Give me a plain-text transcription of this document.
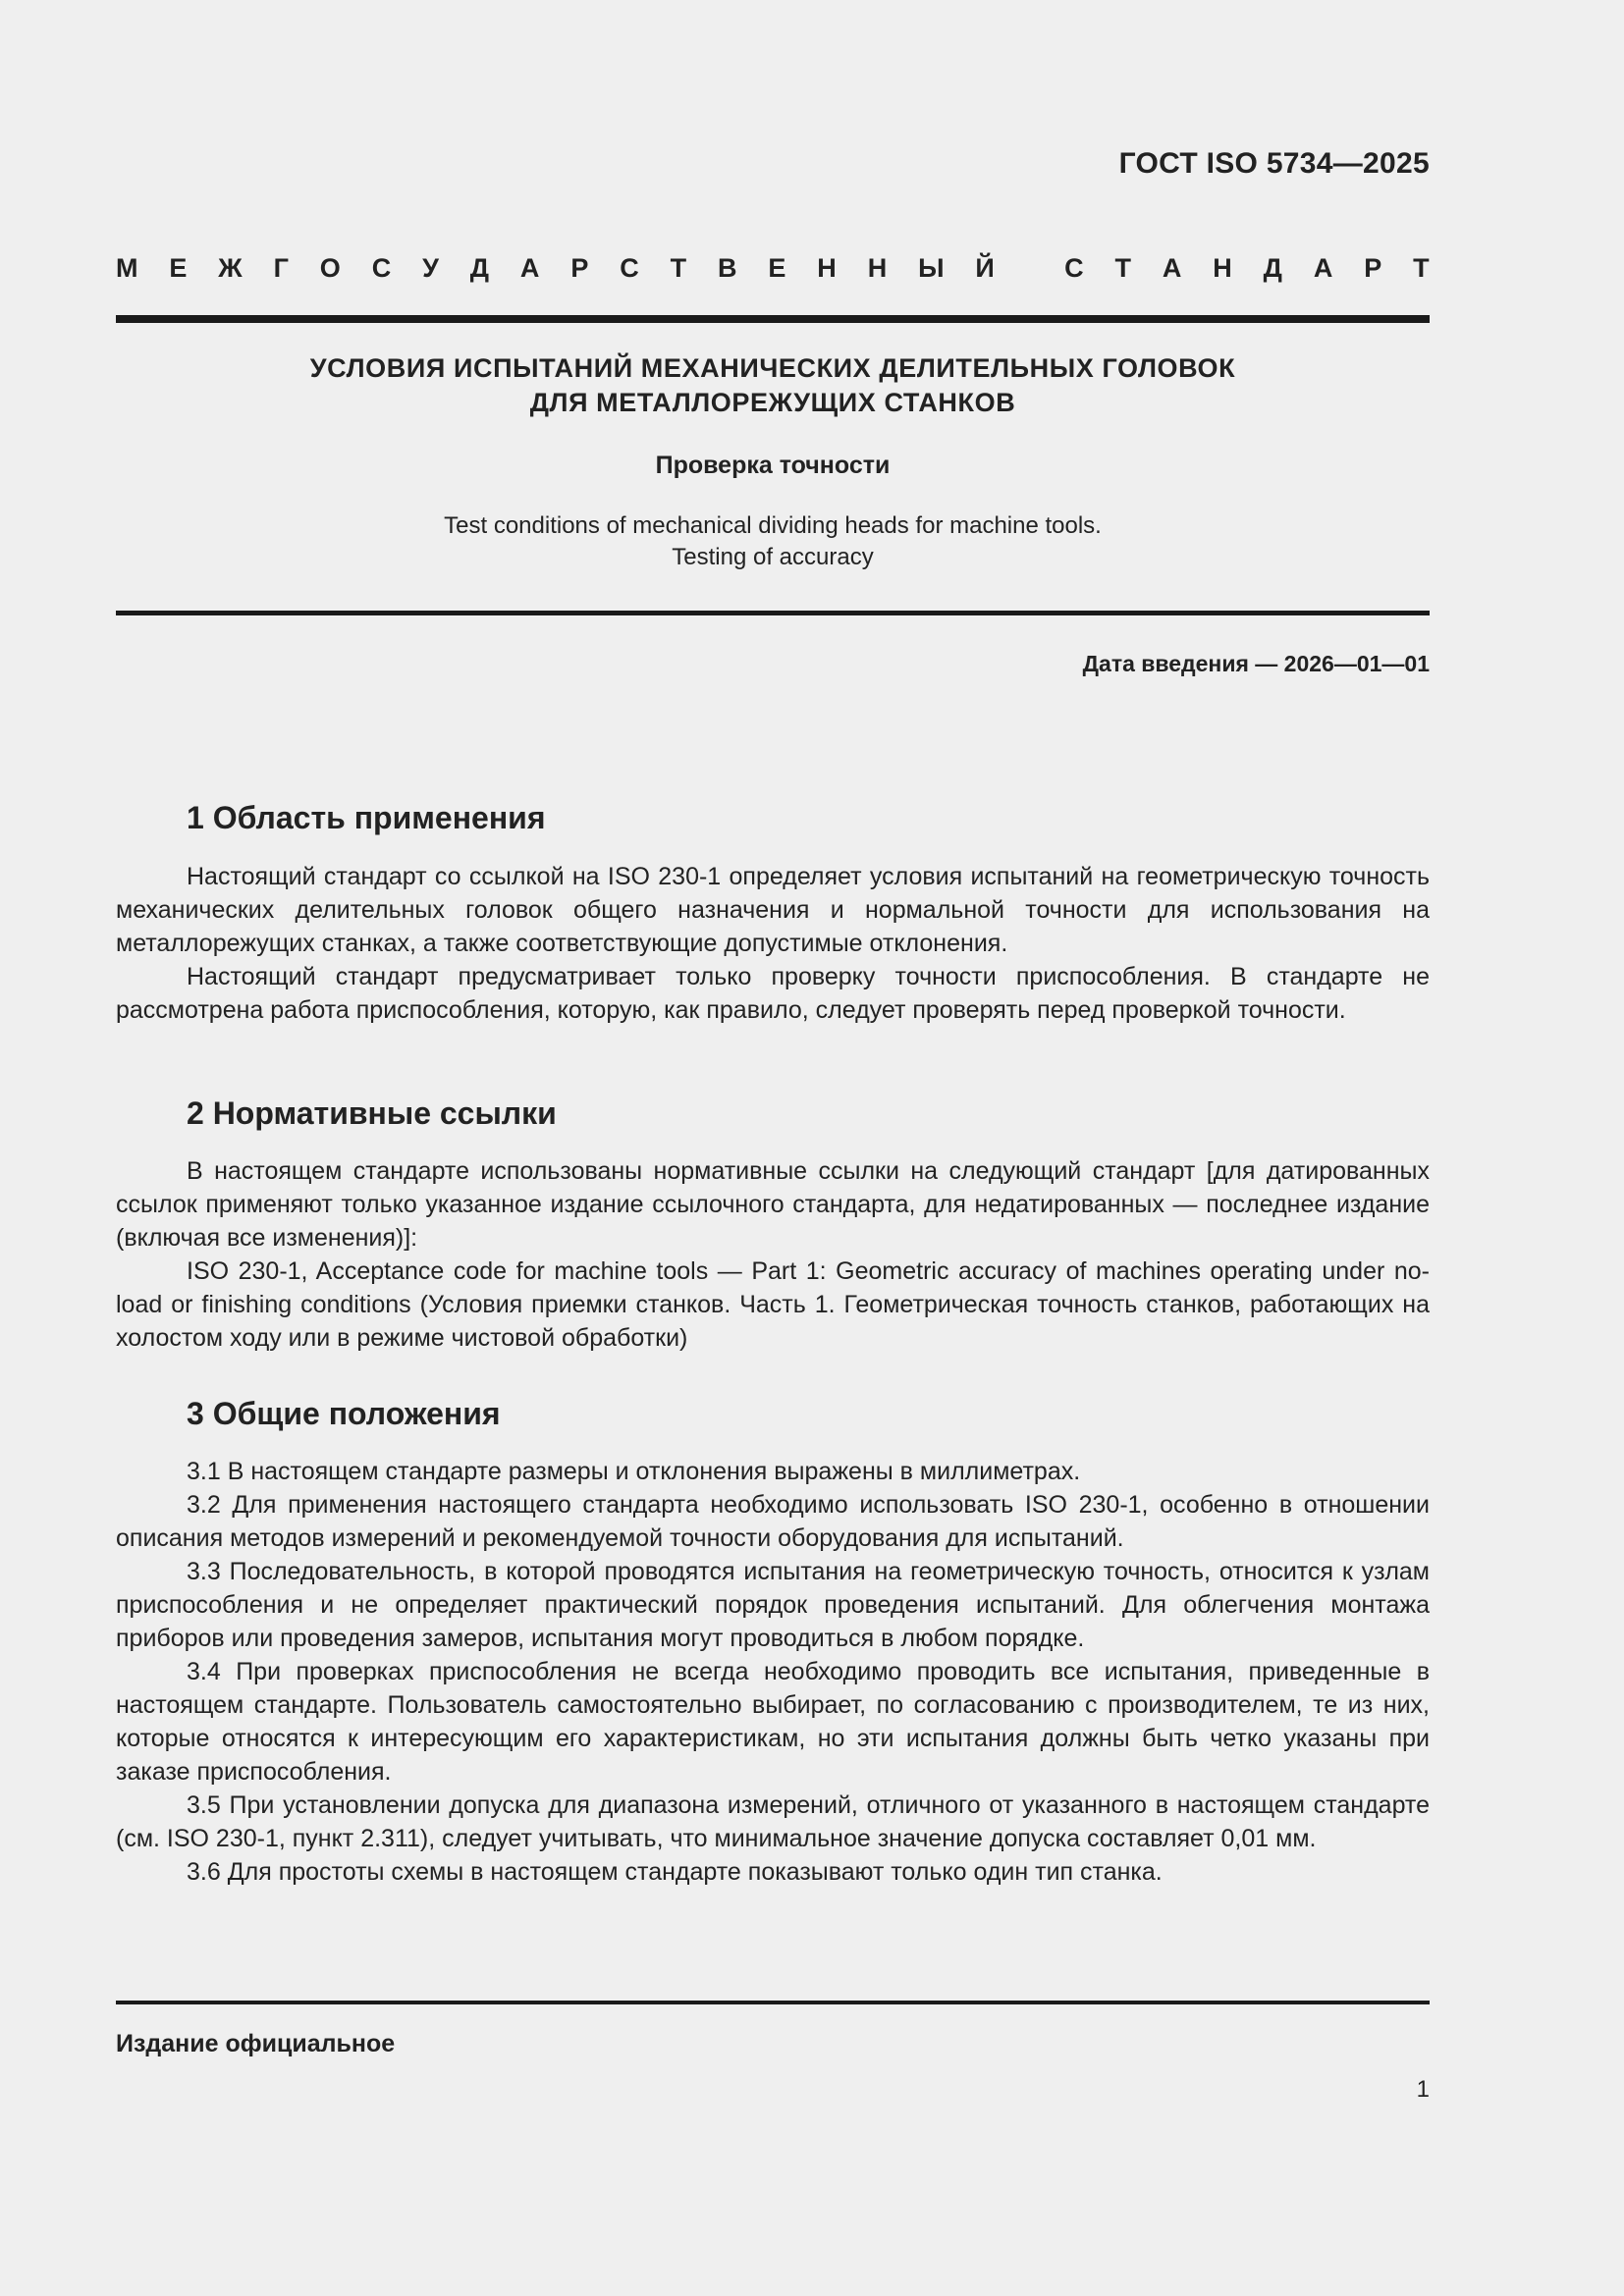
ГОСТ ISO 5734—2025
М Е Ж Г О С У Д А Р С Т В Е Н Н Ы Й
	С Т А Н Д А Р Т
УСЛОВИЯ ИСПЫТАНИЙ МЕХАНИЧЕСКИХ ДЕЛИТЕЛЬНЫХ ГОЛОВОК
ДЛЯ МЕТАЛЛОРЕЖУЩИХ СТАНКОВ
Проверка точности
Test conditions of mechanical dividing heads for machine tools.
Testing of accuracy
Дата введения — 2026—01—01
1 Область применения

Настоящий стандарт со ссылкой на ISO 230-1 определяет условия испытаний на геометрическую точность механических делительных головок общего назначения и нормальной точности для использования на металлорежущих станках, а также соответствующие допустимые отклонения.

Настоящий стандарт предусматривает только проверку точности приспособления. В стандарте не рассмотрена работа приспособления, которую, как правило, следует проверять перед проверкой точности.

2 Нормативные ссылки

В настоящем стандарте использованы нормативные ссылки на следующий стандарт [для датированных ссылок применяют только указанное издание ссылочного стандарта, для недатированных — последнее издание (включая все изменения)]:

ISO 230-1, Acceptance code for machine tools — Part 1: Geometric accuracy of machines operating under no-load or finishing conditions (Условия приемки станков. Часть 1. Геометрическая точность станков, работающих на холостом ходу или в режиме чистовой обработки)

3 Общие положения

3.1 В настоящем стандарте размеры и отклонения выражены в миллиметрах.

3.2 Для применения настоящего стандарта необходимо использовать ISO 230-1, особенно в отношении описания методов измерений и рекомендуемой точности оборудования для испытаний.

3.3 Последовательность, в которой проводятся испытания на геометрическую точность, относится к узлам приспособления и не определяет практический порядок проведения испытаний. Для облегчения монтажа приборов или проведения замеров, испытания могут проводиться в любом порядке.

3.4 При проверках приспособления не всегда необходимо проводить все испытания, приведенные в настоящем стандарте. Пользователь самостоятельно выбирает, по согласованию с производителем, те из них, которые относятся к интересующим его характеристикам, но эти испытания должны быть четко указаны при заказе приспособления.

3.5 При установлении допуска для диапазона измерений, отличного от указанного в настоящем стандарте (см. ISO 230-1, пункт 2.311), следует учитывать, что минимальное значение допуска составляет 0,01 мм.

3.6 Для простоты схемы в настоящем стандарте показывают только один тип станка.

Издание официальное
1
